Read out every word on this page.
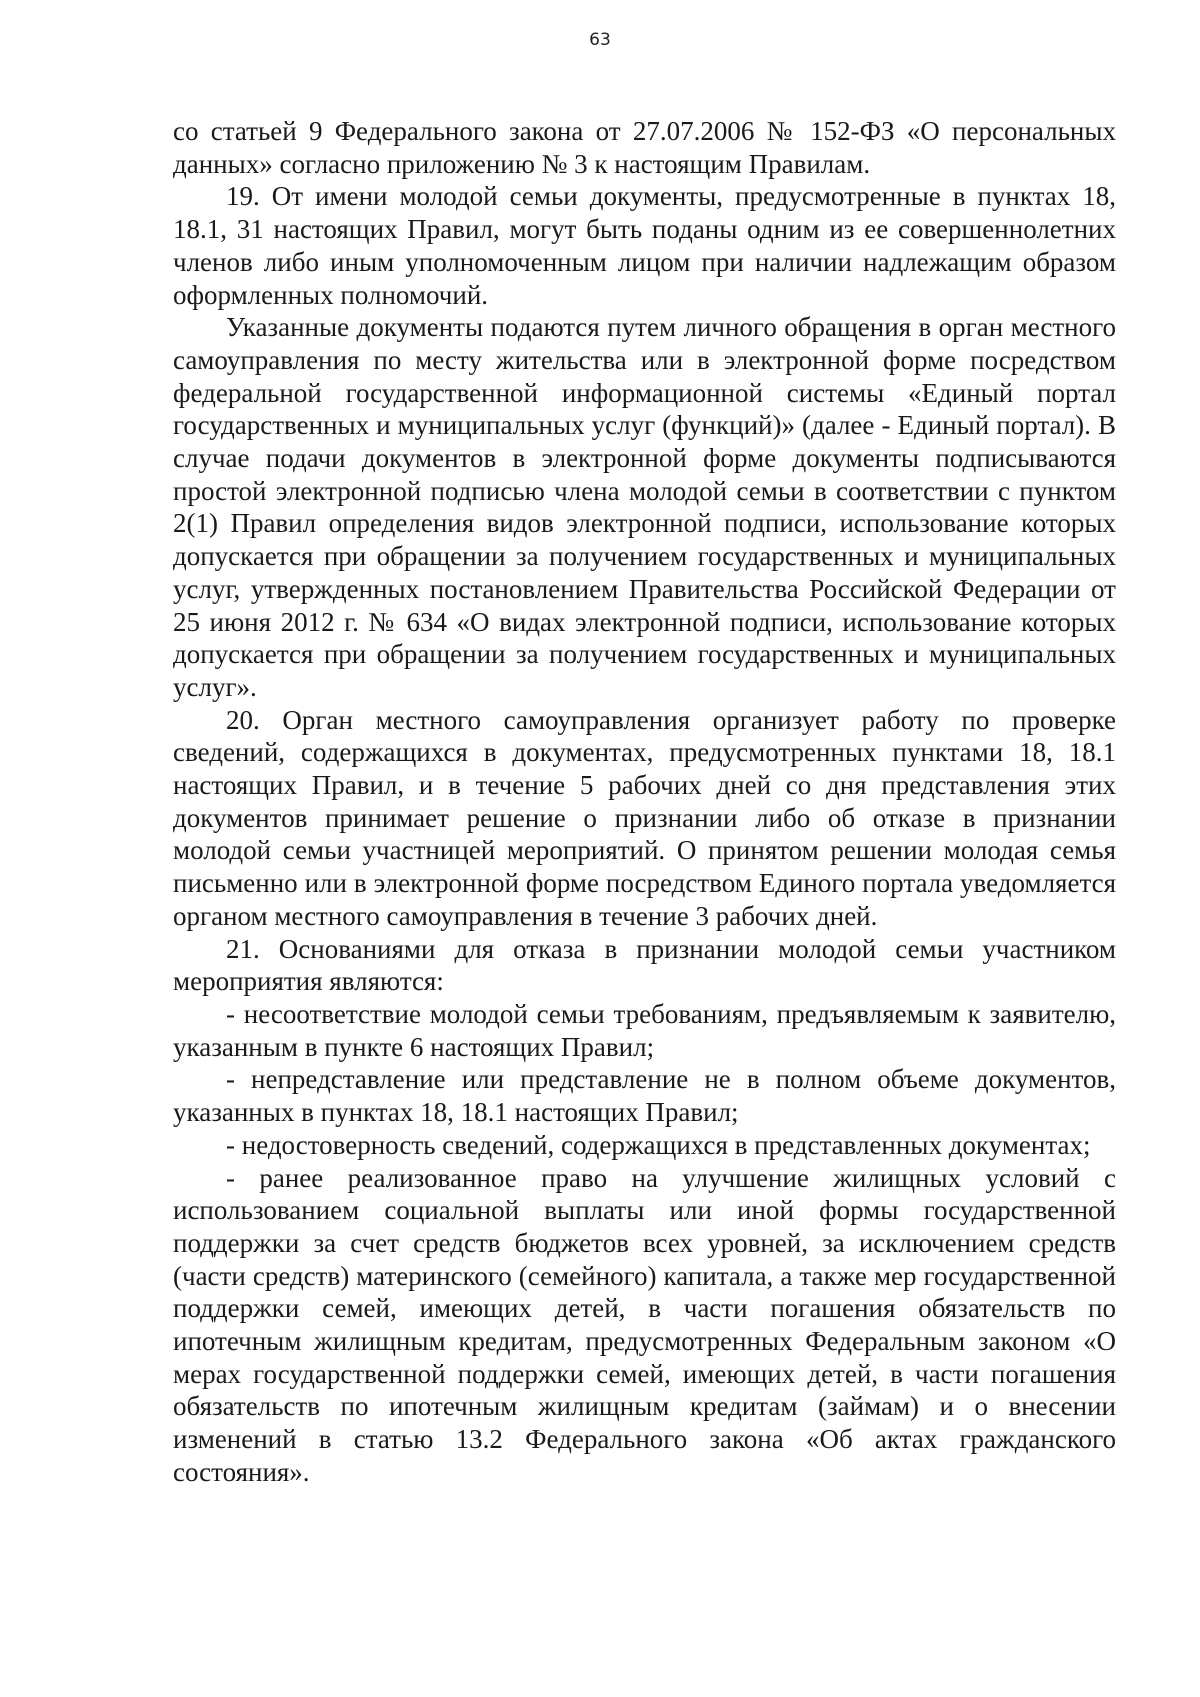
63

со статьей 9 Федерального закона от 27.07.2006 № 152-ФЗ «О персональных данных» согласно приложению № 3 к настоящим Правилам.

19. От имени молодой семьи документы, предусмотренные в пунктах 18, 18.1, 31 настоящих Правил, могут быть поданы одним из ее совершеннолетних членов либо иным уполномоченным лицом при наличии надлежащим образом оформленных полномочий.

Указанные документы подаются путем личного обращения в орган местного самоуправления по месту жительства или в электронной форме посредством федеральной государственной информационной системы «Единый портал государственных и муниципальных услуг (функций)» (далее - Единый портал). В случае подачи документов в электронной форме документы подписываются простой электронной подписью члена молодой семьи в соответствии с пунктом 2(1) Правил определения видов электронной подписи, использование которых допускается при обращении за получением государственных и муниципальных услуг, утвержденных постановлением Правительства Российской Федерации от 25 июня 2012 г. № 634 «О видах электронной подписи, использование которых допускается при обращении за получением государственных и муниципальных услуг».

20. Орган местного самоуправления организует работу по проверке сведений, содержащихся в документах, предусмотренных пунктами 18, 18.1 настоящих Правил, и в течение 5 рабочих дней со дня представления этих документов принимает решение о признании либо об отказе в признании молодой семьи участницей мероприятий. О принятом решении молодая семья письменно или в электронной форме посредством Единого портала уведомляется органом местного самоуправления в течение 3 рабочих дней.

21. Основаниями для отказа в признании молодой семьи участником мероприятия являются:

- несоответствие молодой семьи требованиям, предъявляемым к заявителю, указанным в пункте 6 настоящих Правил;

- непредставление или представление не в полном объеме документов, указанных в пунктах 18, 18.1 настоящих Правил;

- недостоверность сведений, содержащихся в представленных документах;

- ранее реализованное право на улучшение жилищных условий с использованием социальной выплаты или иной формы государственной поддержки за счет средств бюджетов всех уровней, за исключением средств (части средств) материнского (семейного) капитала, а также мер государственной поддержки семей, имеющих детей, в части погашения обязательств по ипотечным жилищным кредитам, предусмотренных Федеральным законом «О мерах государственной поддержки семей, имеющих детей, в части погашения обязательств по ипотечным жилищным кредитам (займам) и о внесении изменений в статью 13.2 Федерального закона «Об актах гражданского состояния».
